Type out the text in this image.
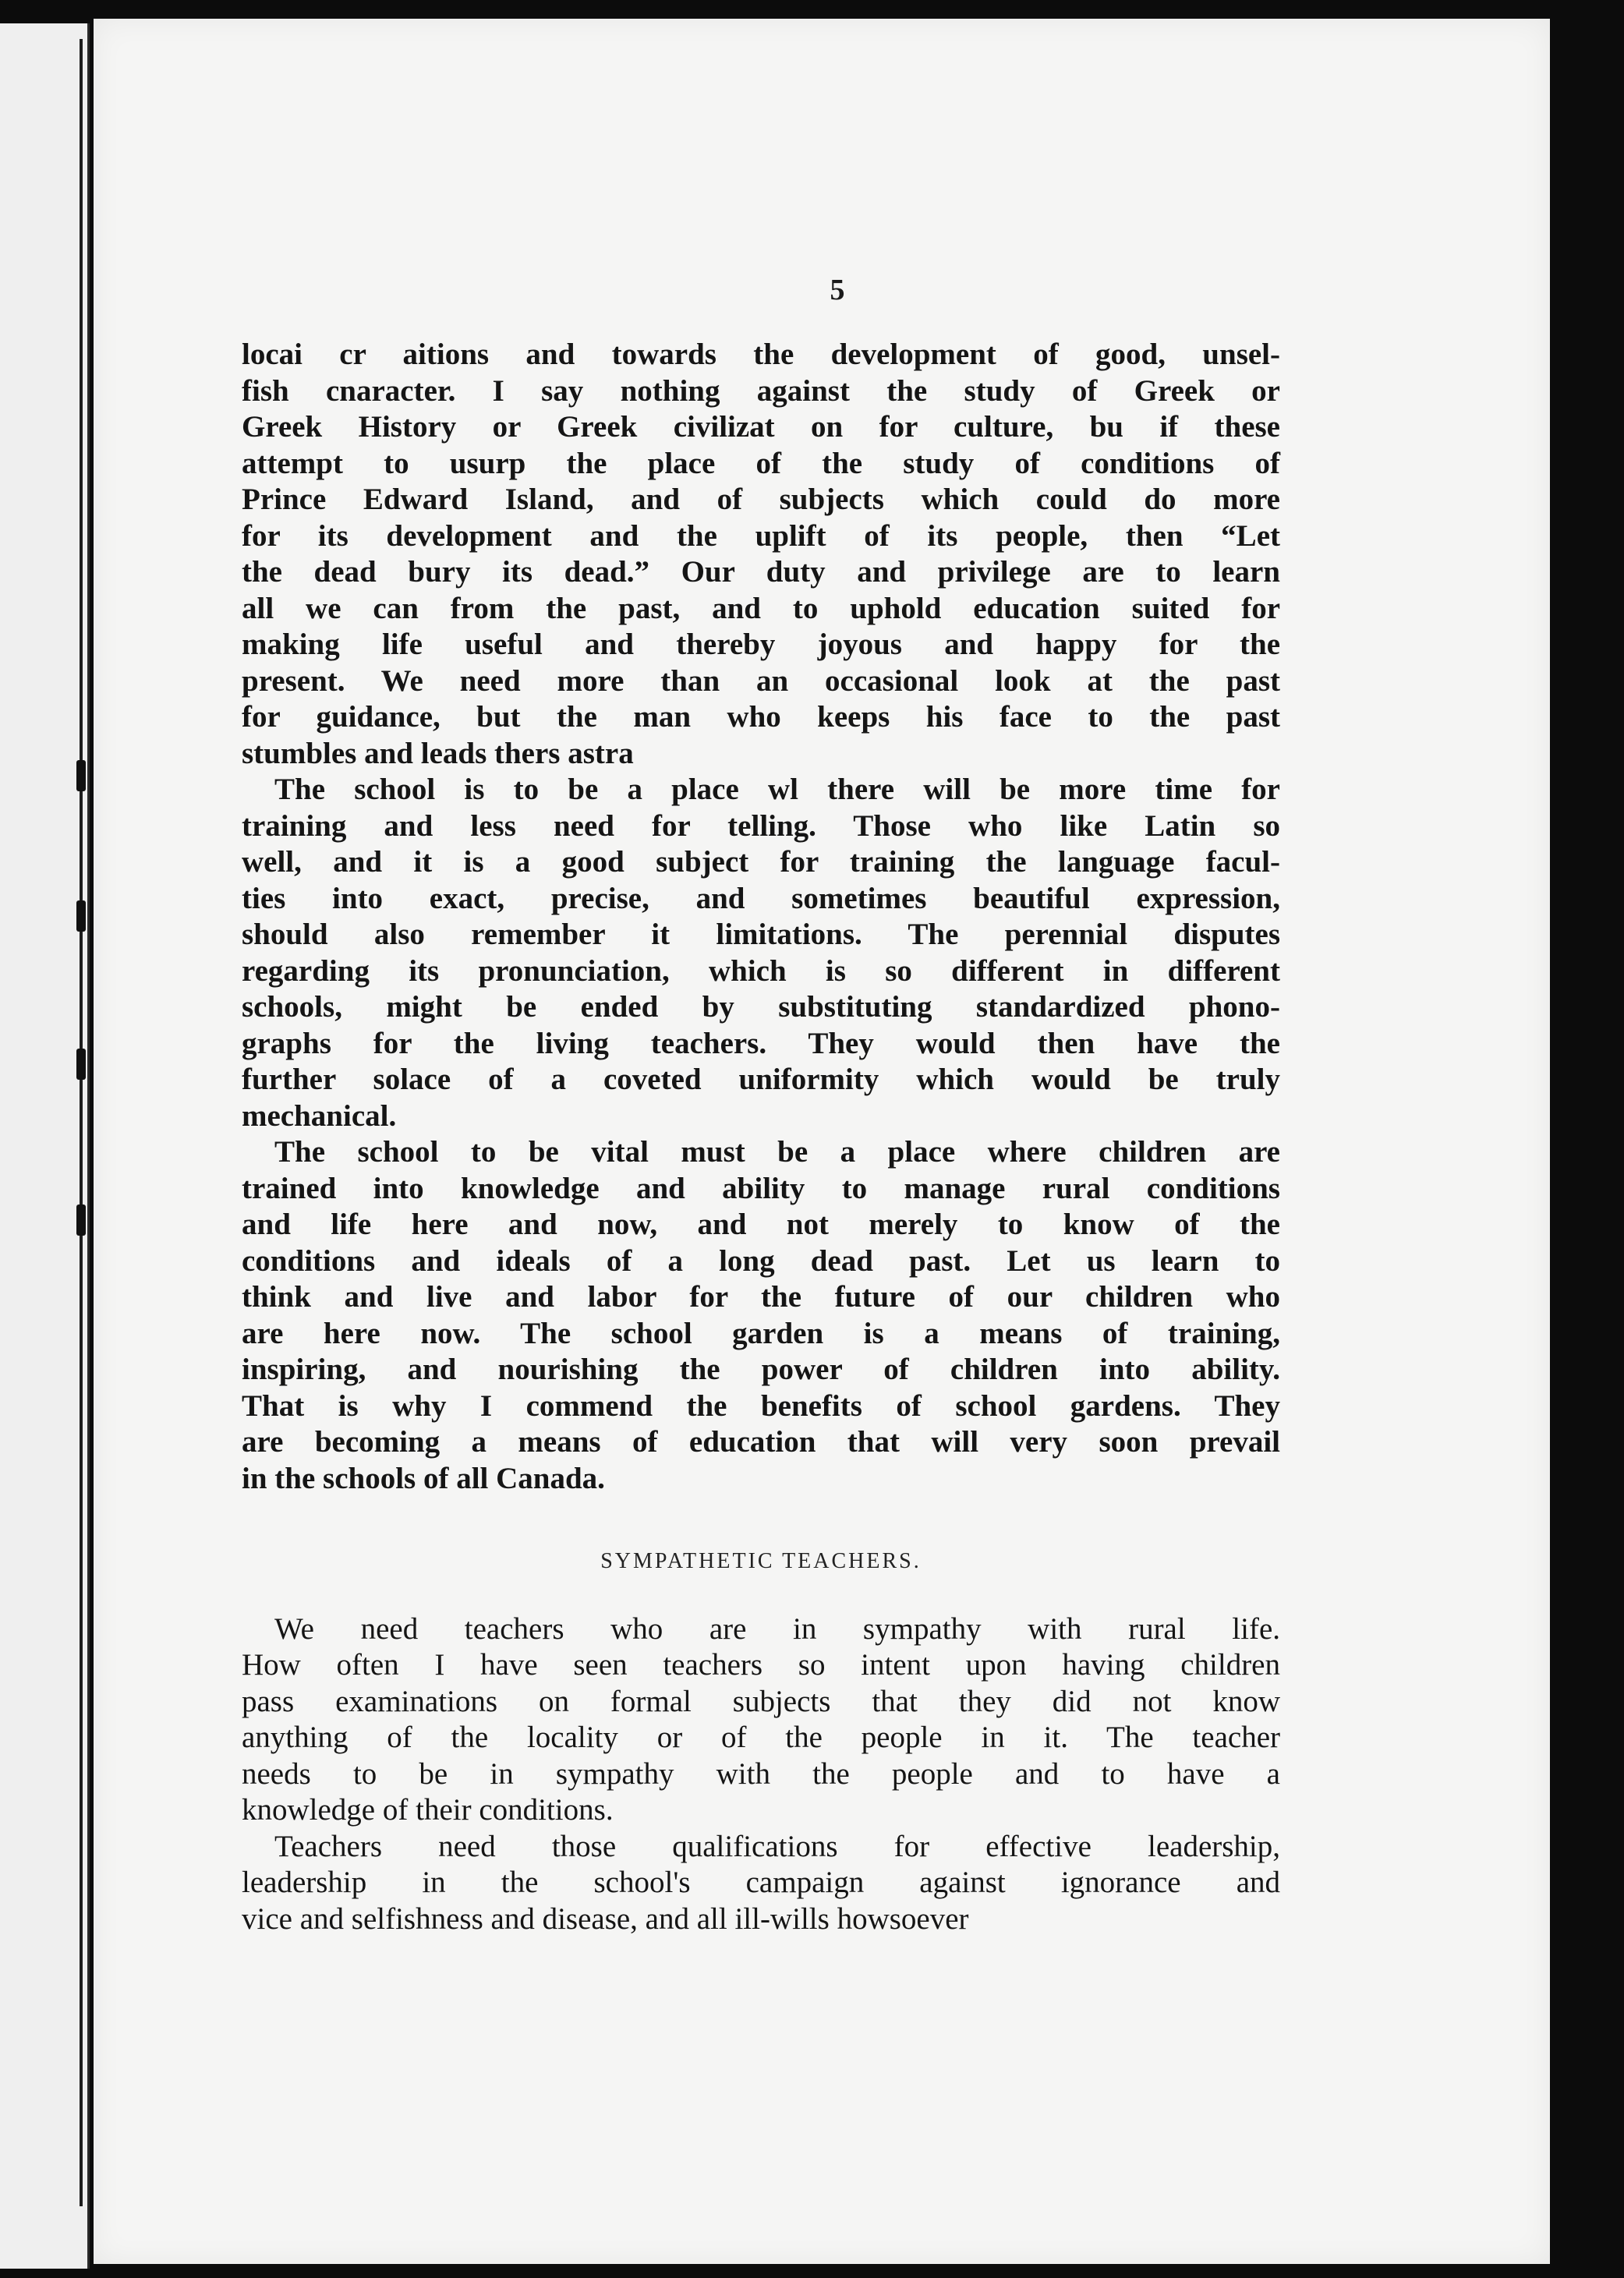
5

locai cr aitions and towards the development of good, unsel-
fish cnaracter. I say nothing against the study of Greek or
Greek History or Greek civilizat on for culture, bu if these
attempt to usurp the place of the study of conditions of
Prince Edward Island, and of subjects which could do more
for its development and the uplift of its people, then “Let
the dead bury its dead.” Our duty and privilege are to learn
all we can from the past, and to uphold education suited for
making life useful and thereby joyous and happy for the
present. We need more than an occasional look at the past
for guidance, but the man who keeps his face to the past
stumbles and leads thers astra

The school is to be a place wl there will be more time for
training and less need for telling. Those who like Latin so
well, and it is a good subject for training the language facul-
ties into exact, precise, and sometimes beautiful expression,
should also remember it limitations. The perennial disputes
regarding its pronunciation, which is so different in different
schools, might be ended by substituting standardized phono-
graphs for the living teachers. They would then have the
further solace of a coveted uniformity which would be truly
mechanical.

The school to be vital must be a place where children are
trained into knowledge and ability to manage rural conditions
and life here and now, and not merely to know of the
conditions and ideals of a long dead past. Let us learn to
think and live and labor for the future of our children who
are here now. The school garden is a means of training,
inspiring, and nourishing the power of children into ability.
That is why I commend the benefits of school gardens. They
are becoming a means of education that will very soon prevail
in the schools of all Canada.

SYMPATHETIC TEACHERS.

We need teachers who are in sympathy with rural life.
How often I have seen teachers so intent upon having children
pass examinations on formal subjects that they did not know
anything of the locality or of the people in it. The teacher
needs to be in sympathy with the people and to have a
knowledge of their conditions.

Teachers need those qualifications for effective leadership,
leadership in the school's campaign against ignorance and
vice and selfishness and disease, and all ill-wills howsoever
